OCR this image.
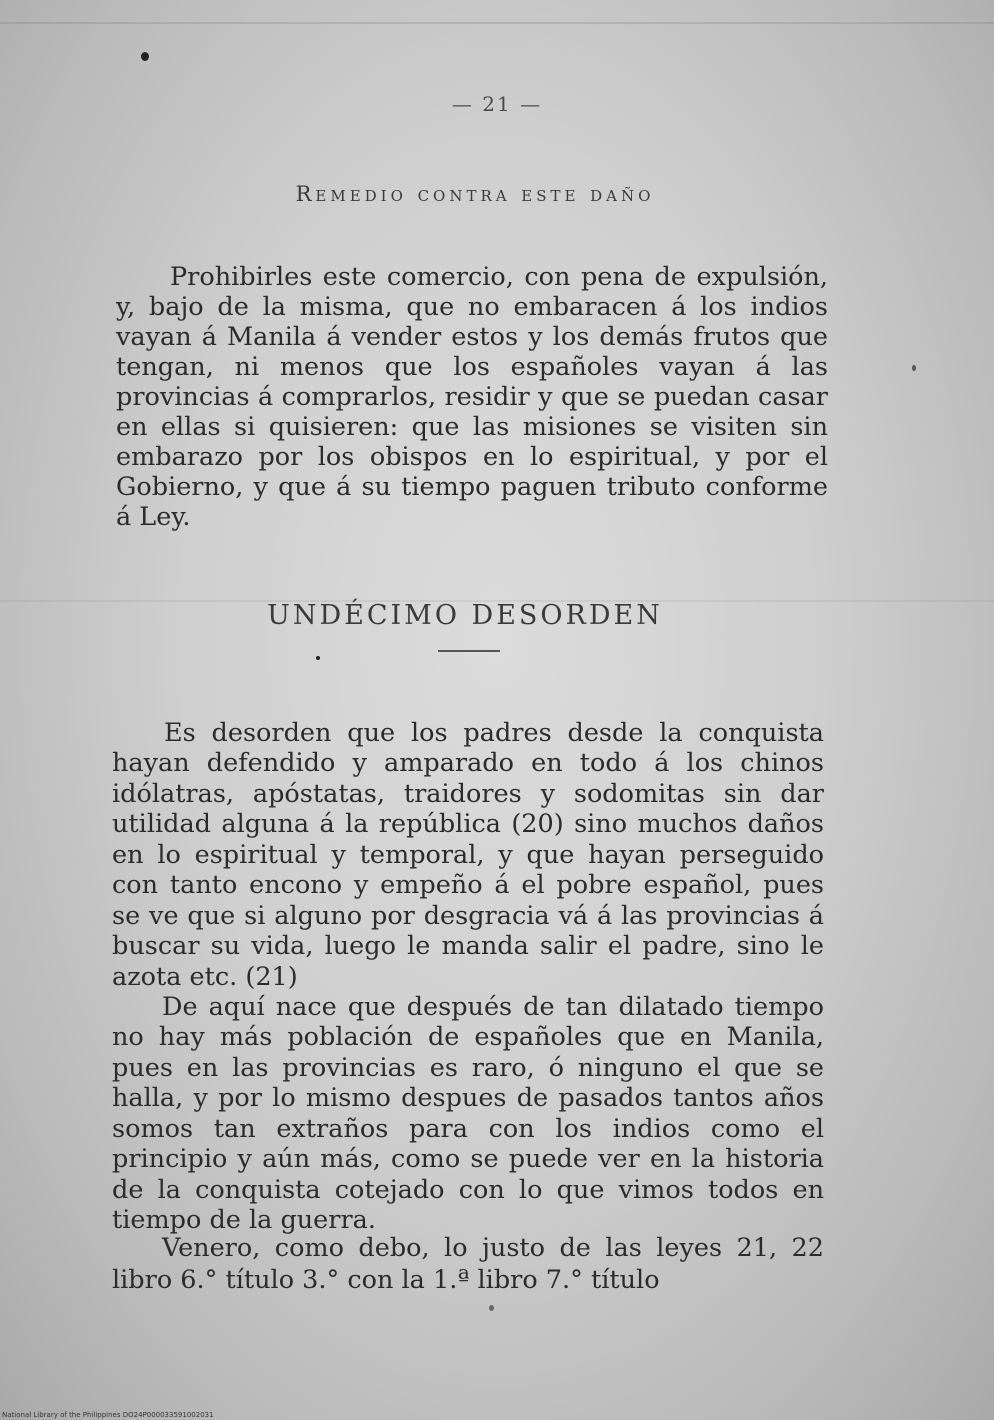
— 21 —
Remedio contra este daño

Prohibirles este comercio, con pena de expulsión, y, bajo de la misma, que no embaracen á los indios vayan á Manila á vender estos y los demás frutos que tengan, ni menos que los españoles vayan á las provincias á comprarlos, residir y que se puedan casar en ellas si quisieren: que las misiones se visiten sin embarazo por los obispos en lo espiritual, y por el Gobierno, y que á su tiempo paguen tributo conforme á Ley.

UNDÉCIMO DESORDEN

Es desorden que los padres desde la conquista hayan defendido y amparado en todo á los chinos idólatras, apóstatas, traidores y sodomitas sin dar utilidad alguna á la república (20) sino muchos daños en lo espiritual y temporal, y que hayan perseguido con tanto encono y empeño á el pobre español, pues se ve que si alguno por desgracia vá á las provincias á buscar su vida, luego le manda salir el padre, sino le azota etc. (21)

De aquí nace que después de tan dilatado tiempo no hay más población de españoles que en Manila, pues en las provincias es raro, ó ninguno el que se halla, y por lo mismo despues de pasados tantos años somos tan extraños para con los indios como el principio y aún más, como se puede ver en la historia de la conquista cotejado con lo que vimos todos en tiempo de la guerra.

Venero, como debo, lo justo de las leyes 21, 22 libro 6.° título 3.° con la 1.ª libro 7.° título

National Library of the Philippines DO24P000033591002031
